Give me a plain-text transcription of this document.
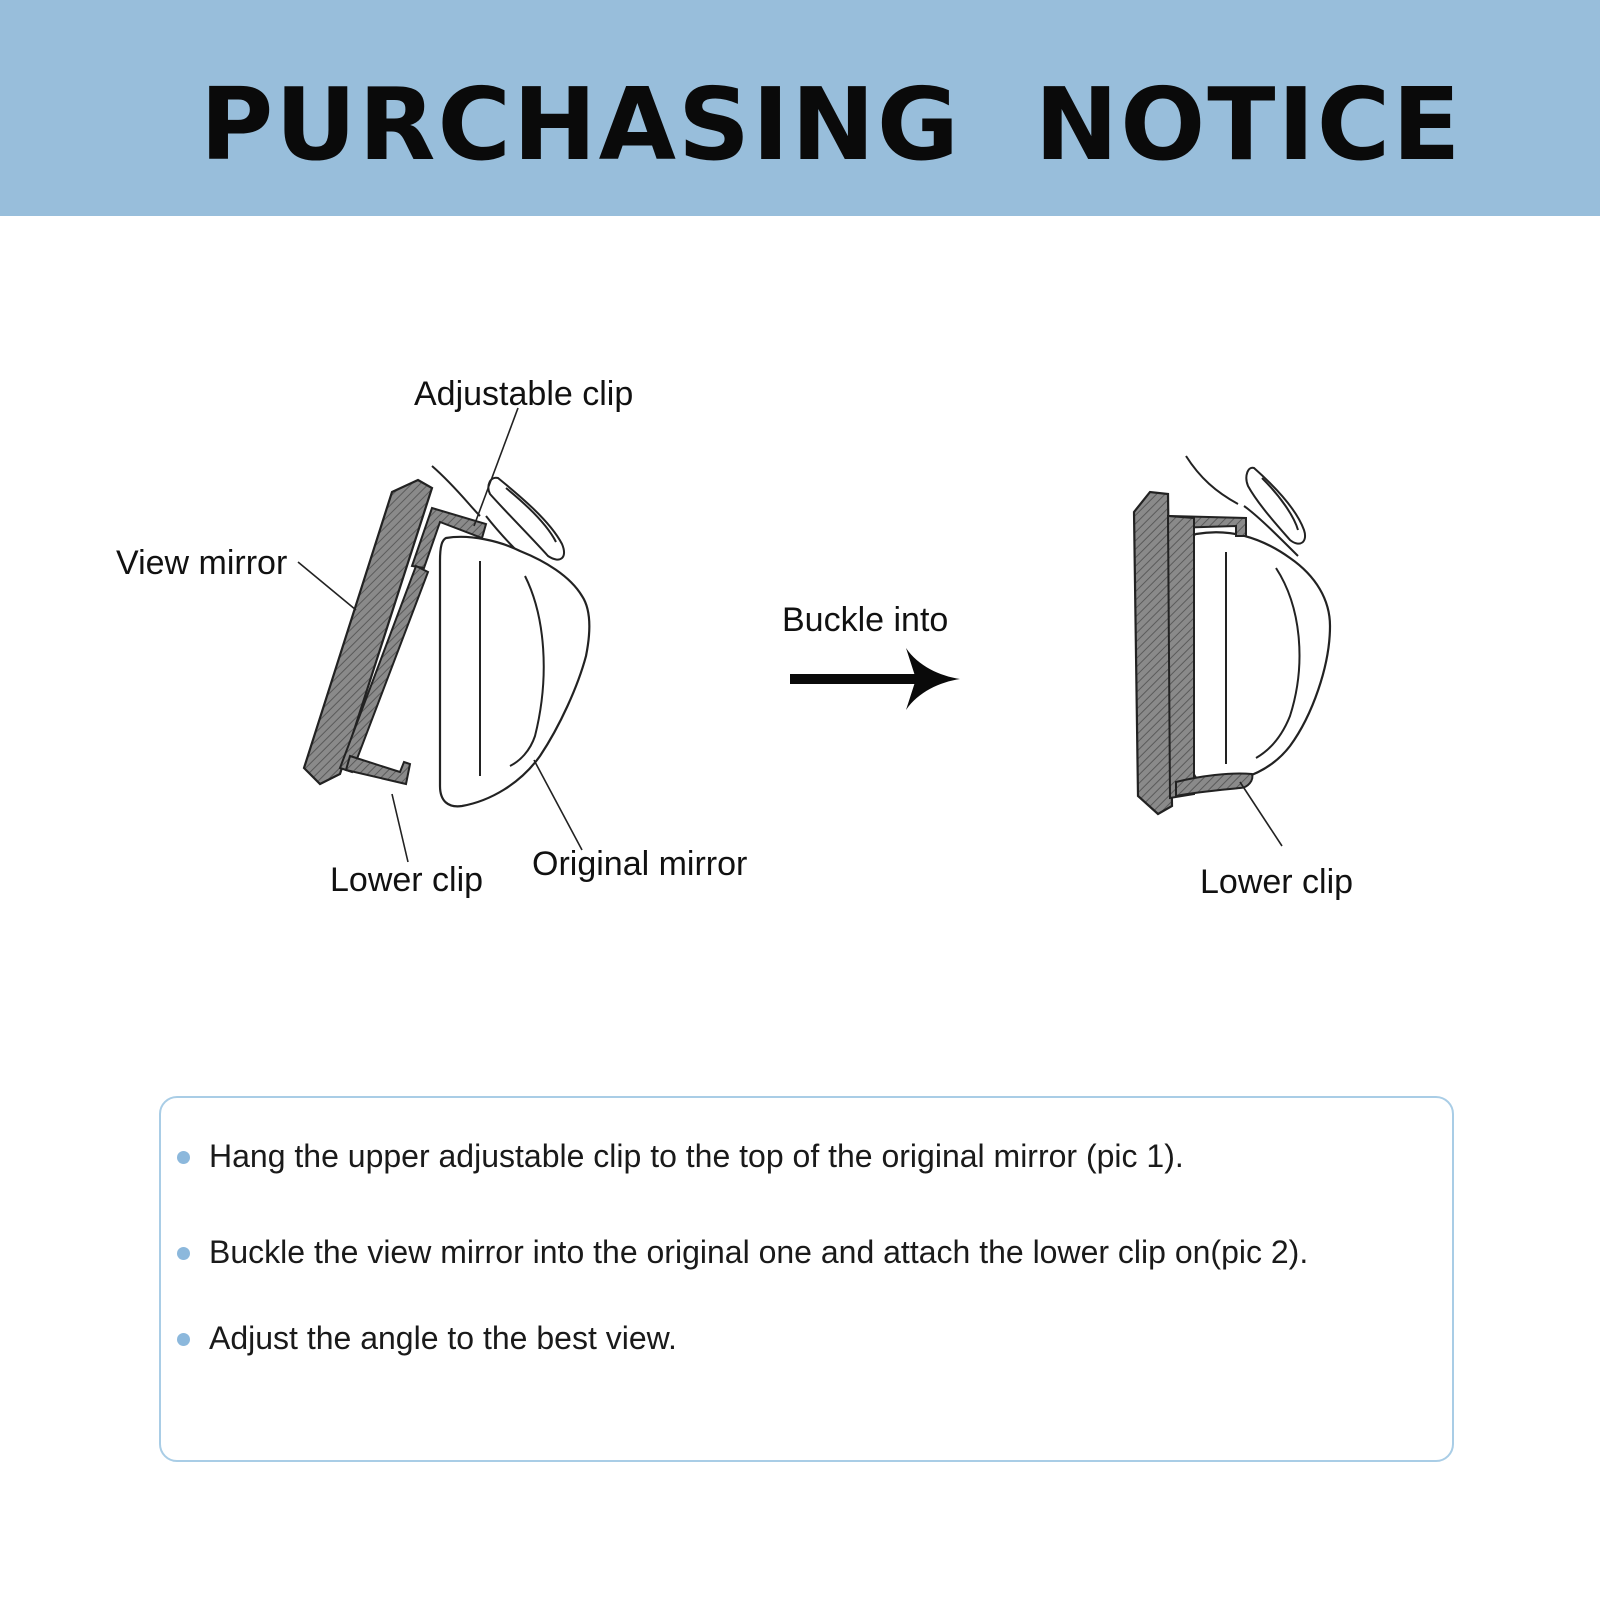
PURCHASING  NOTICE
Adjustable clip
View mirror
Lower clip Original mirror
Buckle into
Lower clip
Hang the upper adjustable clip to the top of the original mirror (pic 1).
Buckle the view mirror into the original one and attach the lower clip on(pic 2).
Adjust the angle to the best view.
